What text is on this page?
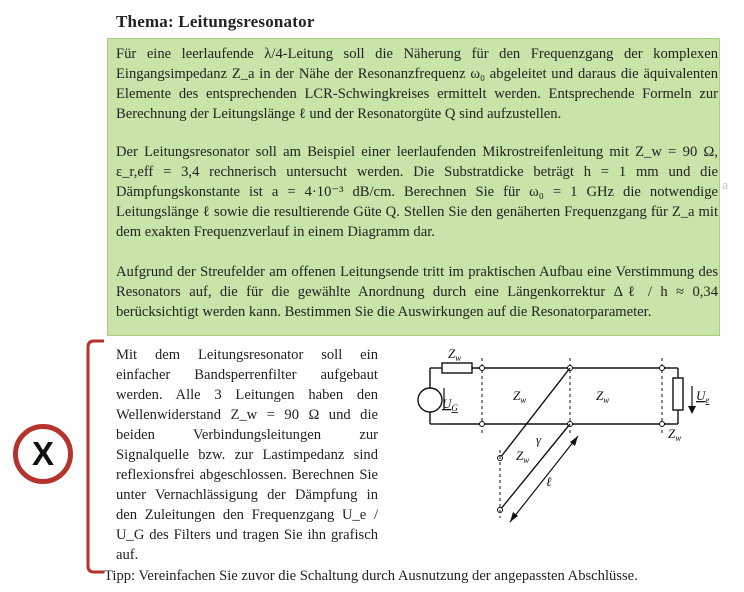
Thema: Leitungsresonator
Für eine leerlaufende λ/4-Leitung soll die Näherung für den Frequenzgang der komplexen Eingangsimpedanz Z_a in der Nähe der Resonanzfrequenz ω₀ abgeleitet und daraus die äquivalenten Elemente des entsprechenden LCR-Schwingkreises ermittelt werden. Entsprechende Formeln zur Berechnung der Leitungslänge ℓ und der Resonatorgüte Q sind aufzustellen.
Der Leitungsresonator soll am Beispiel einer leerlaufenden Mikrostreifenleitung mit Z_w = 90 Ω, ε_r,eff = 3,4 rechnerisch untersucht werden. Die Substratdicke beträgt h = 1 mm und die Dämpfungskonstante ist a = 4·10⁻³ dB/cm. Berechnen Sie für ω₀ = 1 GHz die notwendige Leitungslänge ℓ sowie die resultierende Güte Q. Stellen Sie den genäherten Frequenzgang für Z_a mit dem exakten Frequenzverlauf in einem Diagramm dar.
Aufgrund der Streufelder am offenen Leitungsende tritt im praktischen Aufbau eine Verstimmung des Resonators auf, die für die gewählte Anordnung durch eine Längenkorrektur Δℓ / h ≈ 0,34 berücksichtigt werden kann. Bestimmen Sie die Auswirkungen auf die Resonatorparameter.
X
Mit dem Leitungsresonator soll ein einfacher Bandsperrenfilter aufgebaut werden. Alle 3 Leitungen haben den Wellenwiderstand Z_w = 90 Ω und die beiden Verbindungsleitungen zur Signalquelle bzw. zur Lastimpedanz sind reflexionsfrei abgeschlossen. Berechnen Sie unter Vernachlässigung der Dämpfung in den Zuleitungen den Frequenzgang U_e / U_G des Filters und tragen Sie ihn grafisch auf.
Tipp: Vereinfachen Sie zuvor die Schaltung durch Ausnutzung der angepassten Abschlüsse.
$Z_w$
$Z_w$	$Z_w$
$Z_w$
$Z_w$
$U_G$
$U_e$
γ
ℓ
a
